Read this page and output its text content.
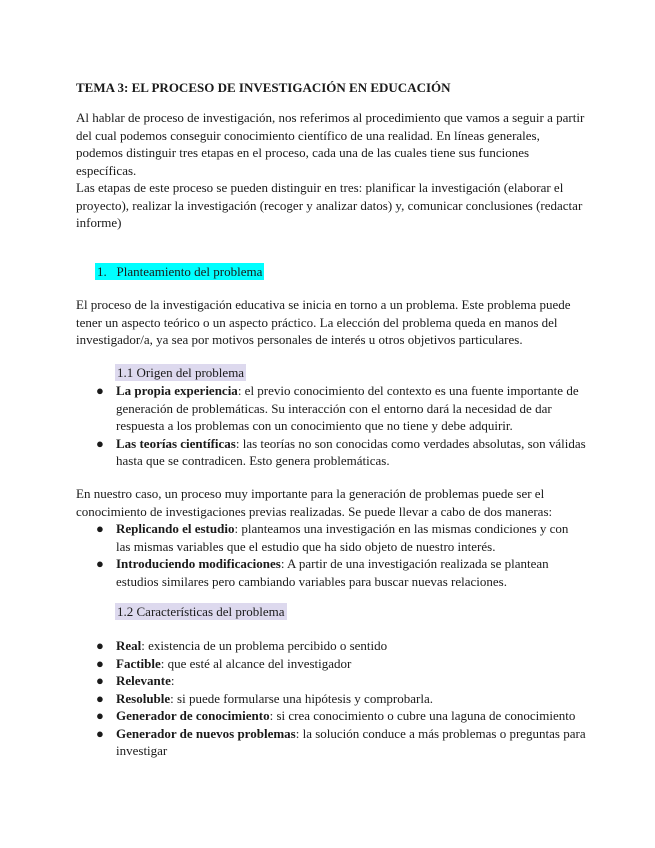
TEMA 3: EL PROCESO DE INVESTIGACIÓN EN EDUCACIÓN

Al hablar de proceso de investigación, nos referimos al procedimiento que vamos a seguir a partir del cual podemos conseguir conocimiento científico de una realidad. En líneas generales, podemos distinguir tres etapas en el proceso, cada una de las cuales tiene sus funciones específicas.

Las etapas de este proceso se pueden distinguir en tres: planificar la investigación (elaborar el proyecto), realizar la investigación (recoger y analizar datos) y, comunicar conclusiones (redactar informe)

1. Planteamiento del problema

El proceso de la investigación educativa se inicia en torno a un problema. Este problema puede tener un aspecto teórico o un aspecto práctico. La elección del problema queda en manos del investigador/a, ya sea por motivos personales de interés u otros objetivos particulares.

1.1 Origen del problema
● La propia experiencia: el previo conocimiento del contexto es una fuente importante de generación de problemáticas. Su interacción con el entorno dará la necesidad de dar respuesta a los problemas con un conocimiento que no tiene y debe adquirir.
● Las teorías científicas: las teorías no son conocidas como verdades absolutas, son válidas hasta que se contradicen. Esto genera problemáticas.

En nuestro caso, un proceso muy importante para la generación de problemas puede ser el conocimiento de investigaciones previas realizadas. Se puede llevar a cabo de dos maneras:

● Replicando el estudio: planteamos una investigación en las mismas condiciones y con las mismas variables que el estudio que ha sido objeto de nuestro interés.
● Introduciendo modificaciones: A partir de una investigación realizada se plantean estudios similares pero cambiando variables para buscar nuevas relaciones.
1.2 Características del problema
● Real: existencia de un problema percibido o sentido
● Factible: que esté al alcance del investigador
● Relevante:
● Resoluble: si puede formularse una hipótesis y comprobarla.
● Generador de conocimiento: si crea conocimiento o cubre una laguna de conocimiento
● Generador de nuevos problemas: la solución conduce a más problemas o preguntas para investigar
